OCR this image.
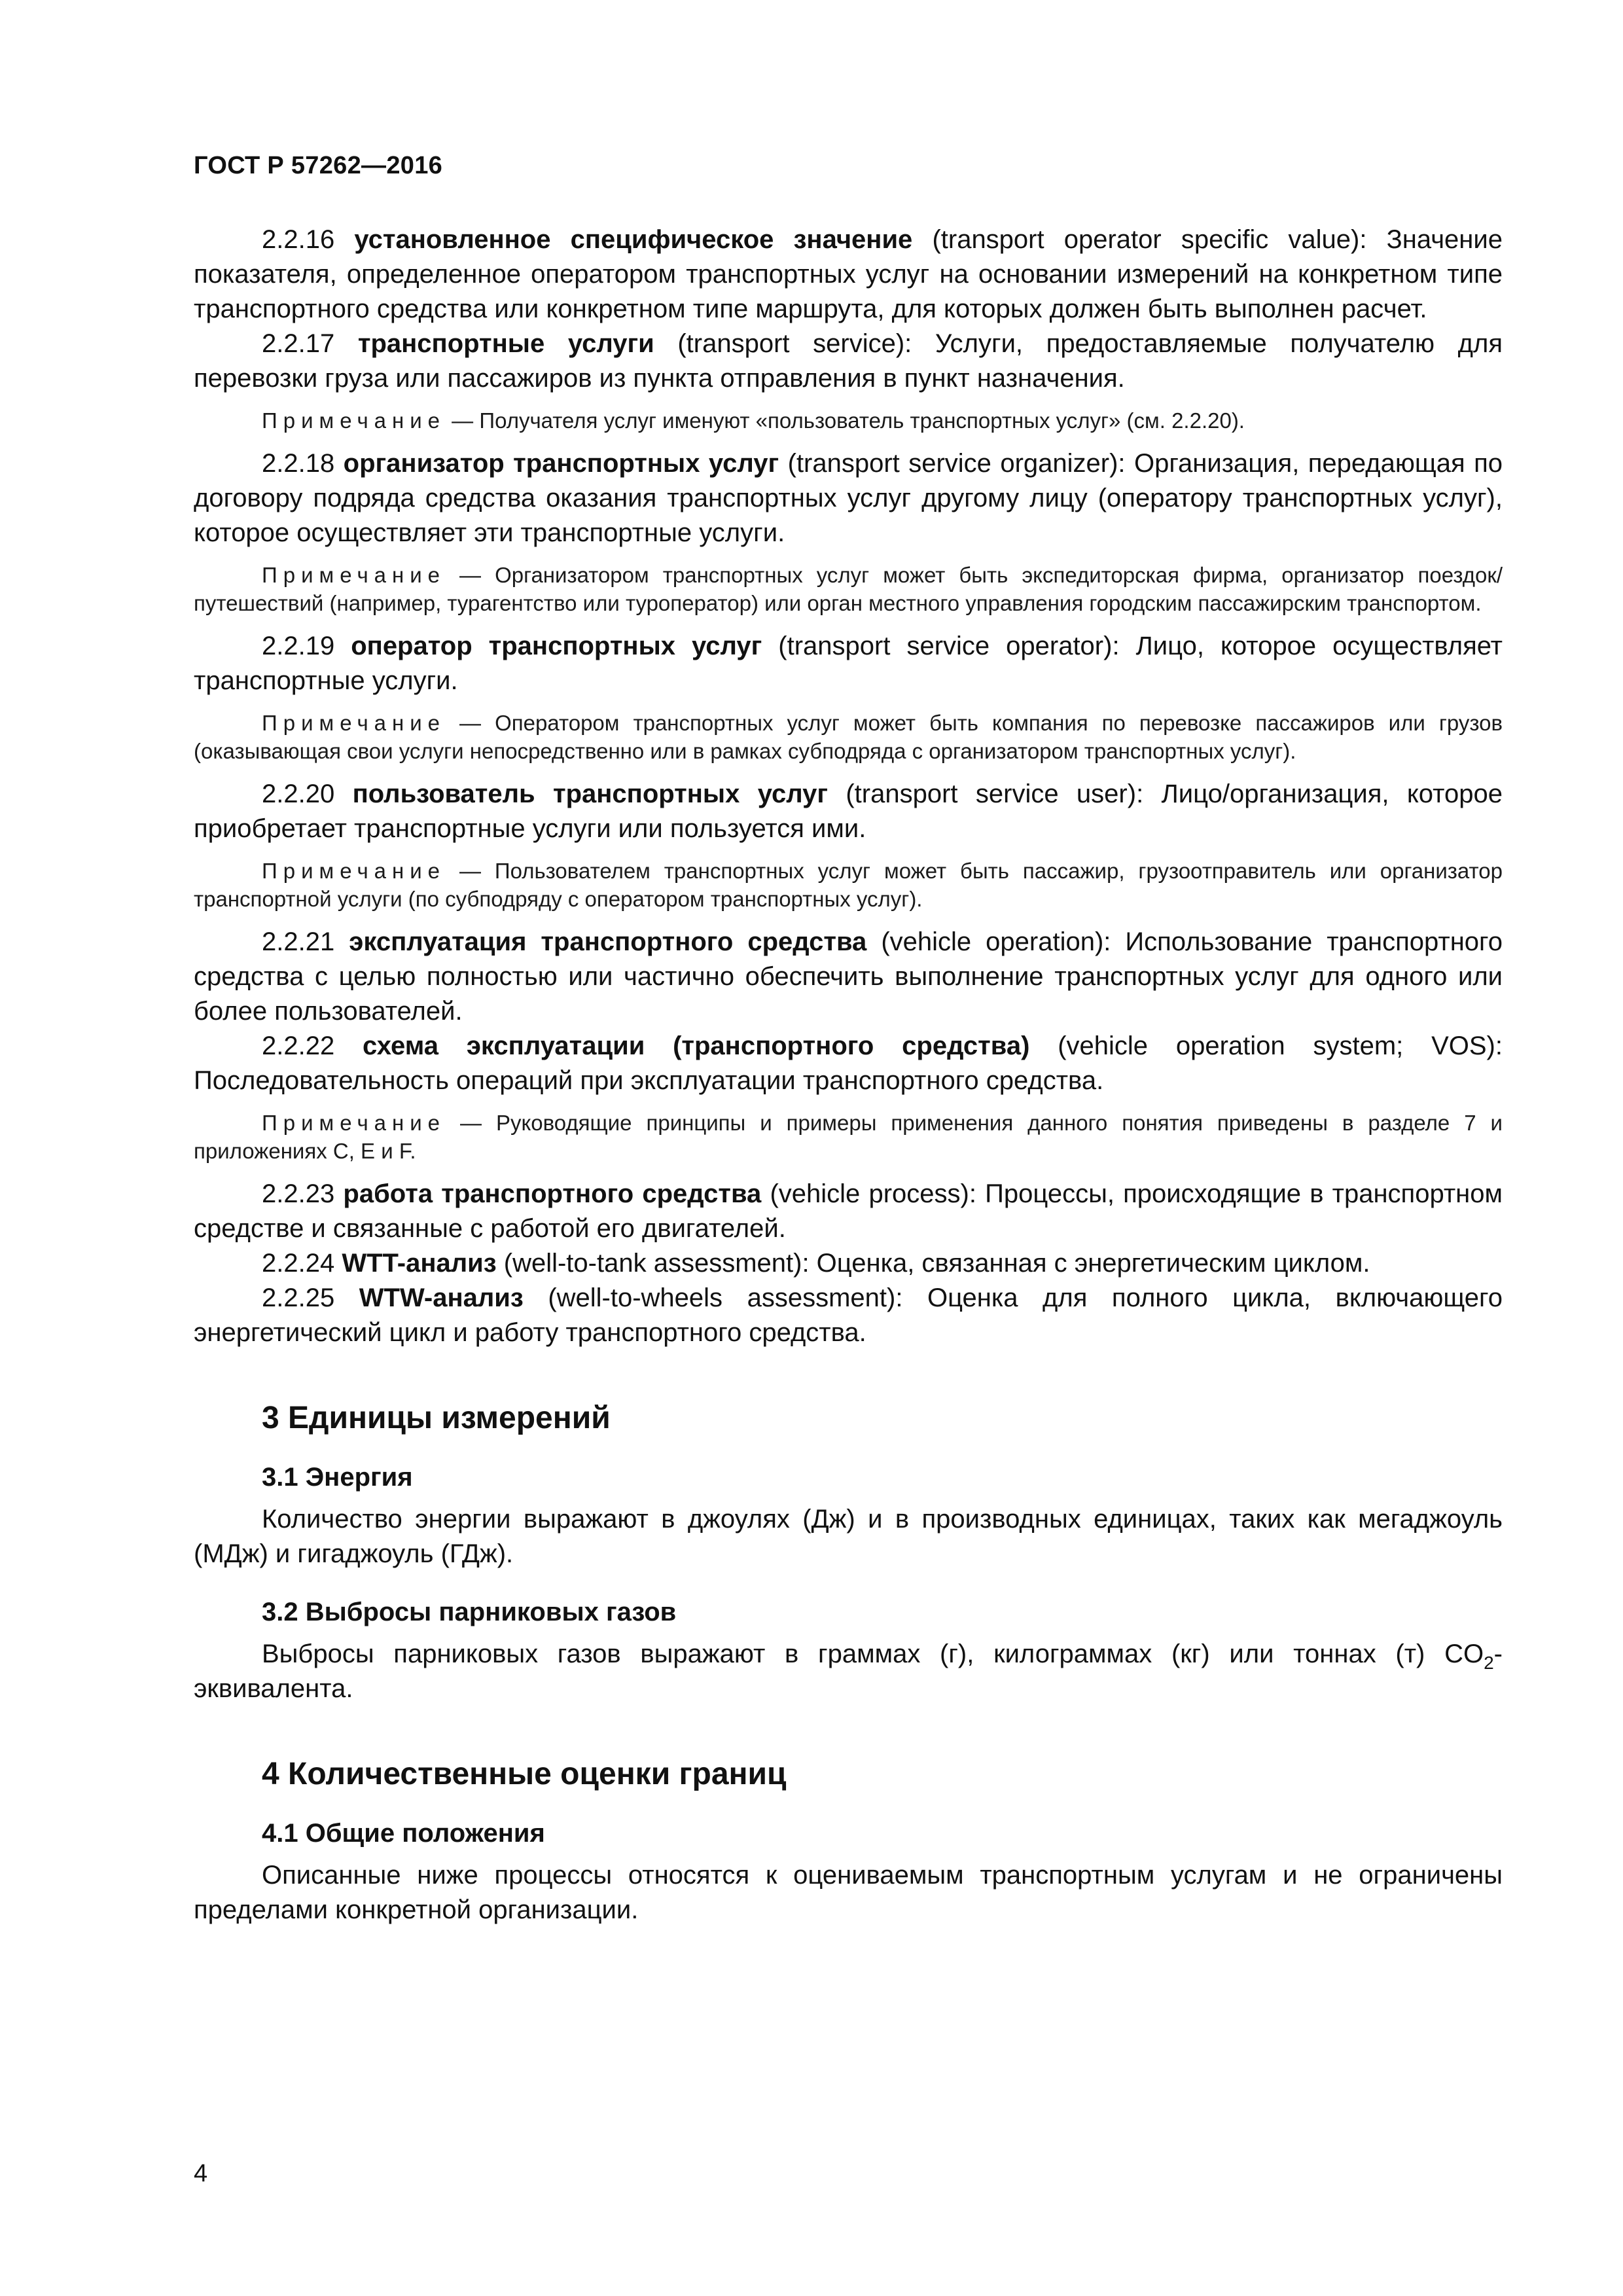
ГОСТ Р 57262—2016

2.2.16 установленное специфическое значение (transport operator specific value): Значение показателя, определенное оператором транспортных услуг на основании измерений на конкретном типе транспортного средства или конкретном типе маршрута, для которых должен быть выполнен расчет.

2.2.17 транспортные услуги (transport service): Услуги, предоставляемые получателю для перевозки груза или пассажиров из пункта отправления в пункт назначения.

Примечание — Получателя услуг именуют «пользователь транспортных услуг» (см. 2.2.20).

2.2.18 организатор транспортных услуг (transport service organizer): Организация, передающая по договору подряда средства оказания транспортных услуг другому лицу (оператору транспортных услуг), которое осуществляет эти транспортные услуги.

Примечание — Организатором транспортных услуг может быть экспедиторская фирма, организатор поездок/путешествий (например, турагентство или туроператор) или орган местного управления городским пассажирским транспортом.

2.2.19 оператор транспортных услуг (transport service operator): Лицо, которое осуществляет транспортные услуги.

Примечание — Оператором транспортных услуг может быть компания по перевозке пассажиров или грузов (оказывающая свои услуги непосредственно или в рамках субподряда с организатором транспортных услуг).

2.2.20 пользователь транспортных услуг (transport service user): Лицо/организация, которое приобретает транспортные услуги или пользуется ими.

Примечание — Пользователем транспортных услуг может быть пассажир, грузоотправитель или организатор транспортной услуги (по субподряду с оператором транспортных услуг).

2.2.21 эксплуатация транспортного средства (vehicle operation): Использование транспортного средства с целью полностью или частично обеспечить выполнение транспортных услуг для одного или более пользователей.

2.2.22 схема эксплуатации (транспортного средства) (vehicle operation system; VOS): Последовательность операций при эксплуатации транспортного средства.

Примечание — Руководящие принципы и примеры применения данного понятия приведены в разделе 7 и приложениях C, E и F.

2.2.23 работа транспортного средства (vehicle process): Процессы, происходящие в транспортном средстве и связанные с работой его двигателей.

2.2.24 WTT-анализ (well-to-tank assessment): Оценка, связанная с энергетическим циклом.

2.2.25 WTW-анализ (well-to-wheels assessment): Оценка для полного цикла, включающего энергетический цикл и работу транспортного средства.

3 Единицы измерений
3.1 Энергия

Количество энергии выражают в джоулях (Дж) и в производных единицах, таких как мегаджоуль (МДж) и гигаджоуль (ГДж).

3.2 Выбросы парниковых газов

Выбросы парниковых газов выражают в граммах (г), килограммах (кг) или тоннах (т) $CO_2$-эквивалента.

4 Количественные оценки границ
4.1 Общие положения

Описанные ниже процессы относятся к оцениваемым транспортным услугам и не ограничены пределами конкретной организации.

4
